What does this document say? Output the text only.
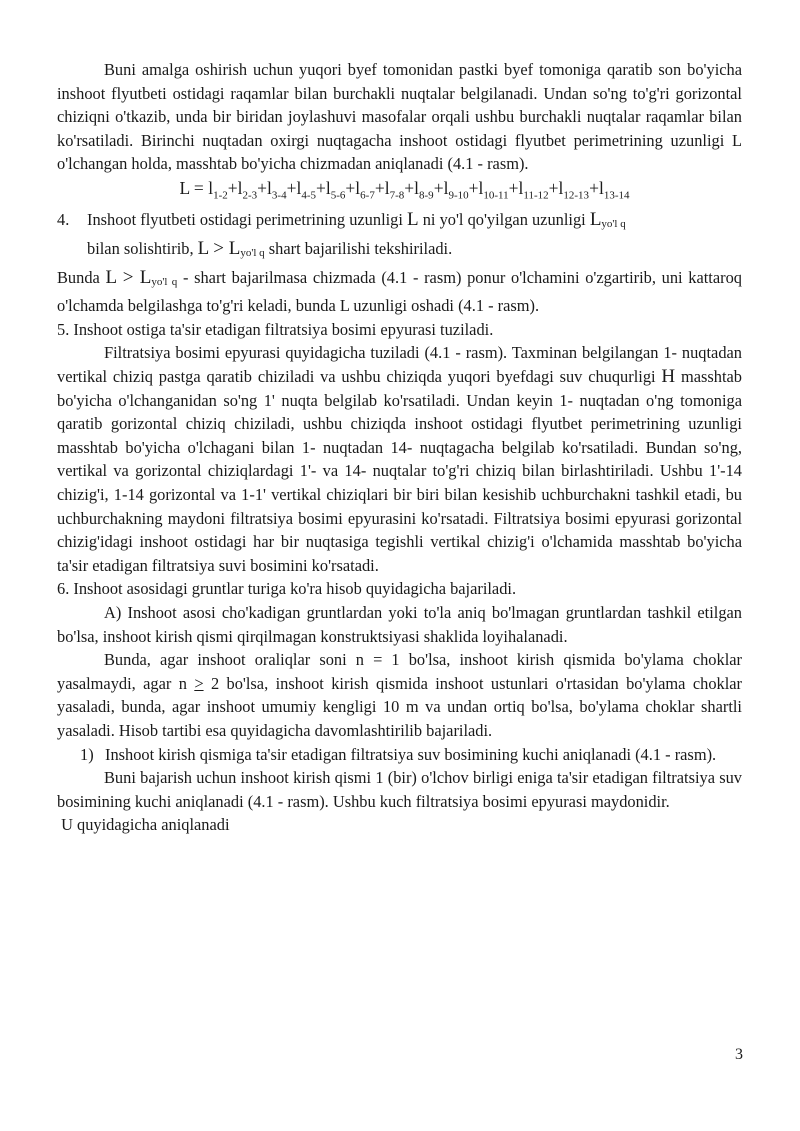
Buni amalga oshirish uchun yuqori byef tomonidan pastki byef tomoniga qaratib son bo'yicha inshoot flyutbeti ostidagi raqamlar bilan burchakli nuqtalar belgilanadi. Undan so'ng to'g'ri gorizontal chiziqni o'tkazib, unda bir biridan joylashuvi masofalar orqali ushbu burchakli nuqtalar raqamlar bilan ko'rsatiladi. Birinchi nuqtadan oxirgi nuqtagacha inshoot ostidagi flyutbet perimetrining uzunligi L o'lchangan holda, masshtab bo'yicha chizmadan aniqlanadi (4.1 - rasm).

$L = l_{1-2}+l_{2-3}+l_{3-4}+l_{4-5}+l_{5-6}+l_{6-7}+l_{7-8}+l_{8-9}+l_{9-10}+l_{10-11}+l_{11-12}+l_{12-13}+l_{13-14}$

4.	Inshoot flyutbeti ostidagi perimetrining uzunligi L ni yo'l qo'yilgan uzunligi Lyo'l q
bilan solishtirib, L > Lyo'l q shart bajarilishi tekshiriladi.

Bunda L > Lyo'l q - shart bajarilmasa chizmada (4.1 - rasm) ponur o'lchamini o'zgartirib, uni kattaroq o'lchamda belgilashga to'g'ri keladi, bunda L uzunligi oshadi (4.1 - rasm).

5. Inshoot ostiga ta'sir etadigan filtratsiya bosimi epyurasi tuziladi.

Filtratsiya bosimi epyurasi quyidagicha tuziladi (4.1 - rasm). Taxminan belgilangan 1- nuqtadan vertikal chiziq pastga qaratib chiziladi va ushbu chiziqda yuqori byefdagi suv chuqurligi H masshtab bo'yicha o'lchanganidan so'ng 1' nuqta belgilab ko'rsatiladi. Undan keyin 1- nuqtadan o'ng tomoniga qaratib gorizontal chiziq chiziladi, ushbu chiziqda inshoot ostidagi flyutbet perimetrining uzunligi masshtab bo'yicha o'lchagani bilan 1- nuqtadan 14- nuqtagacha belgilab ko'rsatiladi. Bundan so'ng, vertikal va gorizontal chiziqlardagi 1'- va 14- nuqtalar to'g'ri chiziq bilan birlashtiriladi. Ushbu 1'-14 chizig'i, 1-14 gorizontal va 1-1' vertikal chiziqlari bir biri bilan kesishib uchburchakni tashkil etadi, bu uchburchakning maydoni filtratsiya bosimi epyurasini ko'rsatadi. Filtratsiya bosimi epyurasi gorizontal chizig'idagi inshoot ostidagi har bir nuqtasiga tegishli vertikal chizig'i o'lchamida masshtab bo'yicha ta'sir etadigan filtratsiya suvi bosimini ko'rsatadi.

6. Inshoot asosidagi gruntlar turiga ko'ra hisob quyidagicha bajariladi.

A) Inshoot asosi cho'kadigan gruntlardan yoki to'la aniq bo'lmagan gruntlardan tashkil etilgan bo'lsa, inshoot kirish qismi qirqilmagan konstruktsiyasi shaklida loyihalanadi.

Bunda, agar inshoot oraliqlar soni n = 1 bo'lsa, inshoot kirish qismida bo'ylama choklar yasalmaydi, agar n ≥ 2 bo'lsa, inshoot kirish qismida inshoot ustunlari o'rtasidan bo'ylama choklar yasaladi, bunda, agar inshoot umumiy kengligi 10 m va undan ortiq bo'lsa, bo'ylama choklar shartli yasaladi. Hisob tartibi esa quyidagicha davomlashtirilib bajariladi.

1) Inshoot kirish qismiga ta'sir etadigan filtratsiya suv bosimining kuchi aniqlanadi (4.1 - rasm).

Buni bajarish uchun inshoot kirish qismi 1 (bir) o'lchov birligi eniga ta'sir etadigan filtratsiya suv bosimining kuchi aniqlanadi (4.1 - rasm). Ushbu kuch filtratsiya bosimi epyurasi maydonidir.

U quyidagicha aniqlanadi

3
